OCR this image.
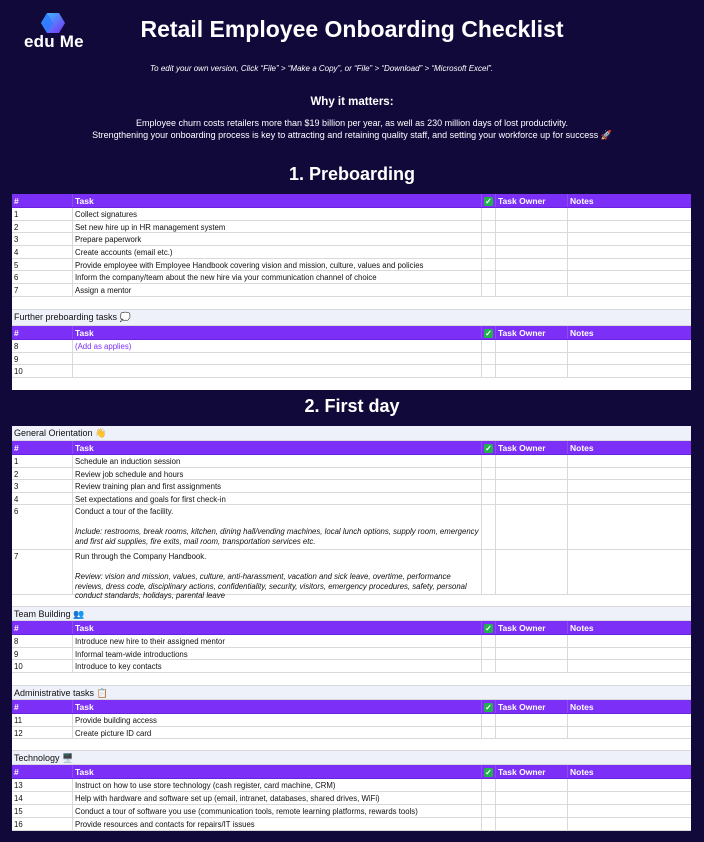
edu Me	Retail Employee Onboarding Checklist
To edit your own version, Click “File” > “Make a Copy”, or “File” > “Download” > “Microsoft Excel”.
Why it matters:
Employee churn costs retailers more than $19 billion per year, as well as 230 million days of lost productivity.
Strengthening your onboarding process is key to attracting and retaining quality staff, and setting your workforce up for success 🚀
1. Preboarding
#	Task	✓ Task Owner	Notes
1	Collect signatures
2	Set new hire up in HR management system
3	Prepare paperwork
4	Create accounts (email etc.)
5	Provide employee with Employee Handbook covering vision and mission, culture, values and policies
6	Inform the company/team about the new hire via your communication channel of choice
7	Assign a mentor
Further preboarding tasks 💭
#	Task	✓ Task Owner	Notes
8	(Add as applies)
9
10
2. First day
General Orientation 👋
#	Task	✓ Task Owner	Notes
1	Schedule an induction session
2	Review job schedule and hours
3	Review training plan and first assignments
4	Set expectations and goals for first check-in
6	Conduct a tour of the facility.
Include: restrooms, break rooms, kitchen, dining hall/vending machines, local lunch options, supply room, emergency and first aid supplies, fire exits, mail room, transportation services etc.
7	Run through the Company Handbook.
Review: vision and mission, values, culture, anti-harassment, vacation and sick leave, overtime, performance reviews, dress code, disciplinary actions, confidentiality, security, visitors, emergency procedures, safety, personal conduct standards, holidays, parental leave
Team Building 👥
#	Task	✓ Task Owner	Notes
8	Introduce new hire to their assigned mentor
9	Informal team-wide introductions
10	Introduce to key contacts
Administrative tasks 📋
#	Task	✓ Task Owner	Notes
11	Provide building access
12	Create picture ID card
Technology 🖥️
#	Task	✓ Task Owner	Notes
13	Instruct on how to use store technology (cash register, card machine, CRM)
14	Help with hardware and software set up (email, intranet, databases, shared drives, WiFi)
15	Conduct a tour of software you use (communication tools, remote learning platforms, rewards tools)
16	Provide resources and contacts for repairs/IT issues
